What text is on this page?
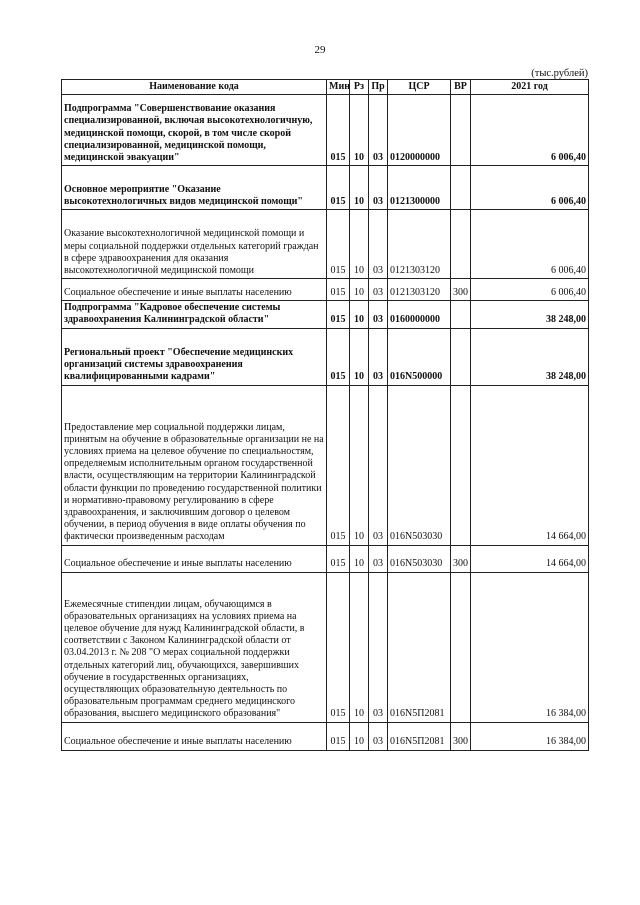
29
(тыс.рублей)
Наименование кода	Мин	Рз	Пр	ЦСР	ВР	2021 год
Подпрограмма "Совершенствование оказания специализированной, включая высокотехнологичную, медицинской помощи, скорой, в том числе скорой специализированной, медицинской помощи, медицинской эвакуации"	015	10	03	0120000000		6 006,40
Основное мероприятие "Оказание высокотехнологичных видов медицинской помощи"	015	10	03	0121300000		6 006,40
Оказание высокотехнологичной медицинской помощи и меры социальной поддержки отдельных категорий граждан в сфере здравоохранения для оказания высокотехнологичной медицинской помощи	015	10	03	0121303120		6 006,40
Социальное обеспечение и иные выплаты населению	015	10	03	0121303120	300	6 006,40
Подпрограмма "Кадровое обеспечение системы здравоохранения Калининградской области"	015	10	03	0160000000		38 248,00
Региональный проект "Обеспечение медицинских организаций системы здравоохранения квалифицированными кадрами"	015	10	03	016N500000		38 248,00
Предоставление мер социальной поддержки лицам, принятым на обучение в образовательные организации не на условиях приема на целевое обучение по специальностям, определяемым исполнительным органом государственной власти, осуществляющим на территории Калининградской области функции по проведению государственной политики и нормативно-правовому регулированию в сфере здравоохранения, и заключившим договор о целевом обучении, в период обучения в виде оплаты обучения по фактически произведенным расходам	015	10	03	016N503030		14 664,00
Социальное обеспечение и иные выплаты населению	015	10	03	016N503030	300	14 664,00
Ежемесячные стипендии лицам, обучающимся в образовательных организациях на условиях приема на целевое обучение для нужд Калининградской области, в соответствии с Законом Калининградской области от 03.04.2013 г. № 208 "О мерах социальной поддержки отдельных категорий лиц, обучающихся, завершивших обучение в государственных организациях, осуществляющих образовательную деятельность по образовательным программам среднего медицинского образования, высшего медицинского образования"	015	10	03	016N5П2081		16 384,00
Социальное обеспечение и иные выплаты населению	015	10	03	016N5П2081	300	16 384,00
